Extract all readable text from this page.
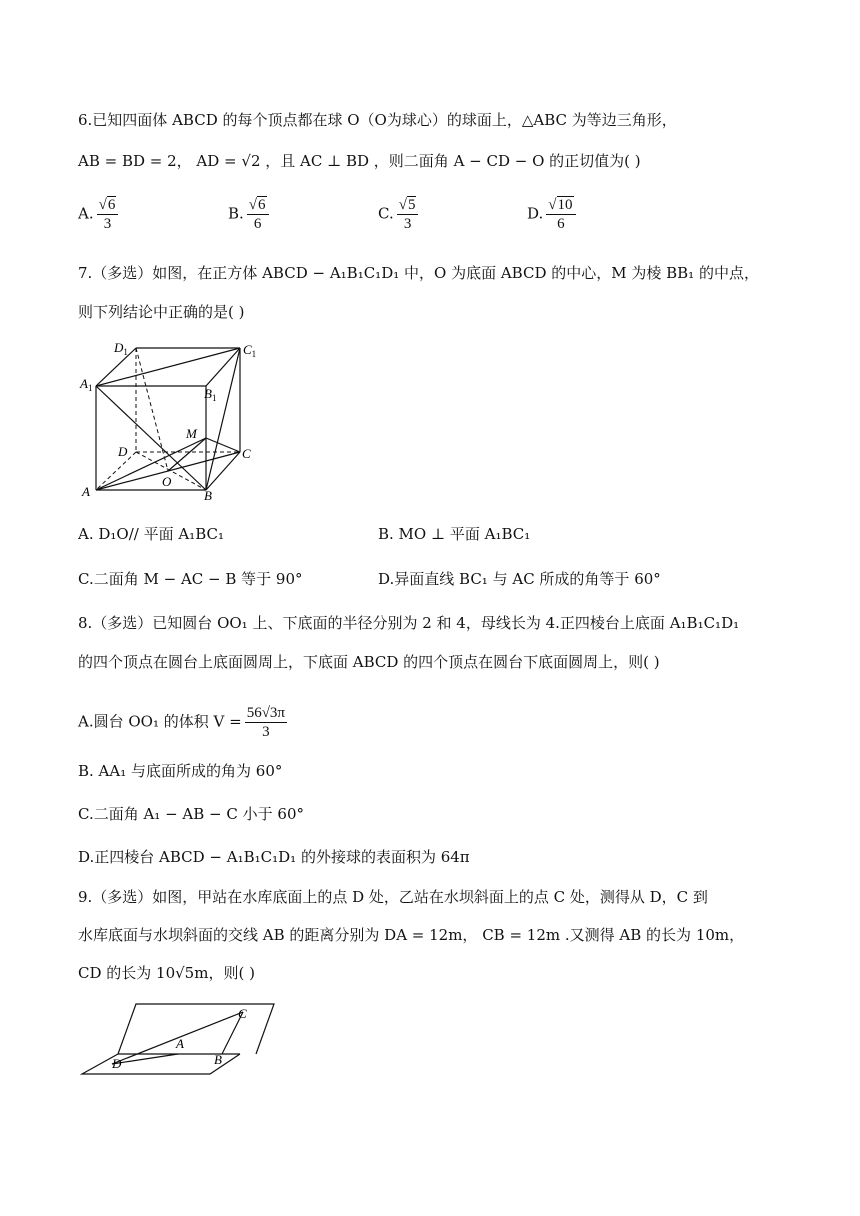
6.已知四面体 ABCD 的每个顶点都在球 O（O为球心）的球面上，△ABC 为等边三角形，
AB = BD = 2， AD = √2 ，且 AC ⊥ BD ，则二面角 A − CD − O 的正切值为( )
A. $\frac{√6}{3}$	B. $\frac{√6}{6}$	C. $\frac{√5}{3}$	D. $\frac{√10}{6}$
7.（多选）如图，在正方体 ABCD − A₁B₁C₁D₁ 中，O 为底面 ABCD 的中心，M 为棱 BB₁ 的中点，
则下列结论中正确的是( )
$D_1$	$C_1$
$A_1$	$B_1$
M
D	C
A
O
B
A. D₁O// 平面 A₁BC₁	B. MO ⊥ 平面 A₁BC₁
C.二面角 M − AC − B 等于 90°	D.异面直线 BC₁ 与 AC 所成的角等于 60°
8.（多选）已知圆台 OO₁ 上、下底面的半径分别为 2 和 4，母线长为 4.正四棱台上底面 A₁B₁C₁D₁
的四个顶点在圆台上底面圆周上，下底面 ABCD 的四个顶点在圆台下底面圆周上，则( )
A.圆台 OO₁ 的体积 $V = \frac{56√3\pi}{3}$
B. AA₁ 与底面所成的角为 60°
C.二面角 A₁ − AB − C 小于 60°
D.正四棱台 ABCD − A₁B₁C₁D₁ 的外接球的表面积为 64π
9.（多选）如图，甲站在水库底面上的点 D 处，乙站在水坝斜面上的点 C 处，测得从 D，C 到
水库底面与水坝斜面的交线 AB 的距离分别为 DA = 12m， CB = 12m .又测得 AB 的长为 10m，
CD 的长为 10√5m，则( )
C
A
D	B
